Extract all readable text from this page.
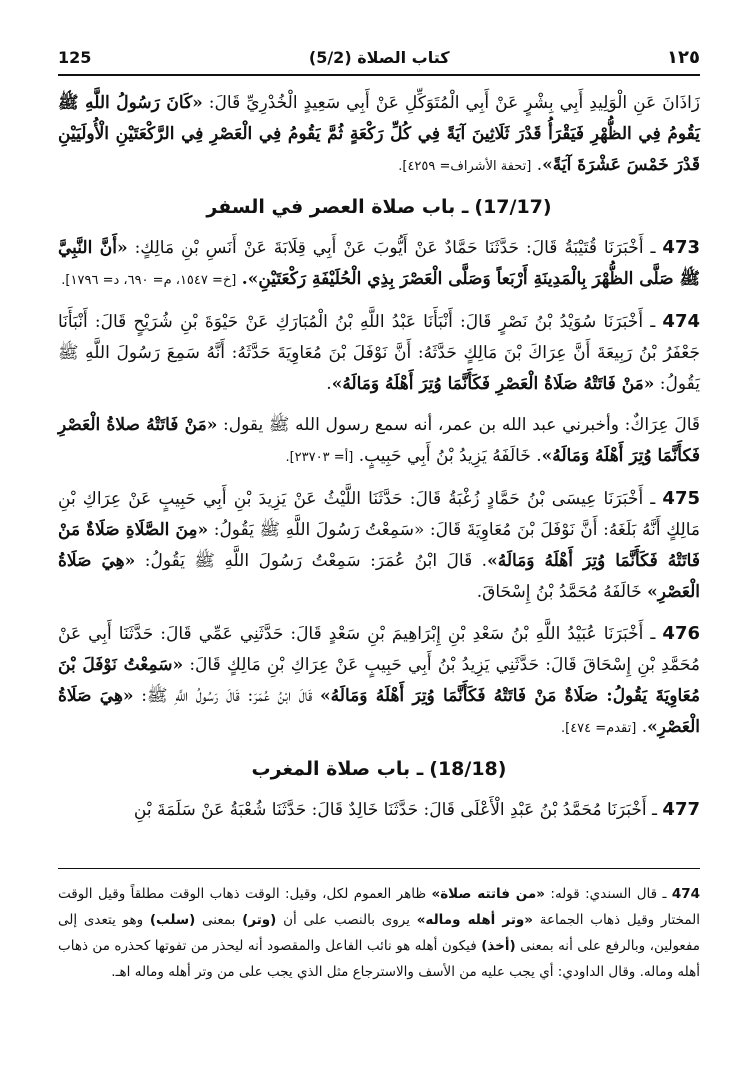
125	(5/2) كتاب الصلاة	١٢٥

زَاذَانَ عَنِ الْوَلِيدِ أَبِي بِشْرٍ عَنْ أَبِي الْمُتَوَكِّلِ عَنْ أَبِي سَعِيدٍ الْخُدْرِيِّ قَالَ: «كَانَ رَسُولُ اللَّهِ ﷺ يَقُومُ فِي الظُّهْرِ فَيَقْرَأُ قَدْرَ ثَلَاثِينَ آيَةً فِي كُلِّ رَكْعَةٍ ثُمَّ يَقُومُ فِي الْعَصْرِ فِي الرَّكْعَتَيْنِ الْأُولَيَيْنِ قَدْرَ خَمْسَ عَشْرَةَ آيَةً». [تحفة الأشراف= ٤٢٥٩].

(17/17)ـ باب صلاة العصر في السفر

473 ـ أَخْبَرَنَا قُتَيْبَةُ قَالَ: حَدَّثَنَا حَمَّادٌ عَنْ أَيُّوبَ عَنْ أَبِي قِلَابَةَ عَنْ أَنَسِ بْنِ مَالِكٍ: «أَنَّ النَّبِيَّ ﷺ صَلَّى الظُّهْرَ بِالْمَدِينَةِ أَرْبَعاً وَصَلَّى الْعَصْرَ بِذِي الْحُلَيْفَةِ رَكْعَتَيْنِ». [خ= ١٥٤٧، م= ٦٩٠، د= ١٧٩٦].

474 ـ أَخْبَرَنَا سُوَيْدُ بْنُ نَصْرٍ قَالَ: أَنْبَأَنَا عَبْدُ اللَّهِ بْنُ الْمُبَارَكِ عَنْ حَيْوَةَ بْنِ شُرَيْحٍ قَالَ: أَنْبَأَنَا جَعْفَرُ بْنُ رَبِيعَةَ أَنَّ عِرَاكَ بْنَ مَالِكٍ حَدَّثَهُ: أَنَّ نَوْفَلَ بْنَ مُعَاوِيَةَ حَدَّثَهُ: أَنَّهُ سَمِعَ رَسُولَ اللَّهِ ﷺ يَقُولُ: «مَنْ فَاتَتْهُ صَلَاةُ الْعَصْرِ فَكَأَنَّمَا وُتِرَ أَهْلَهُ وَمَالَهُ».

قَالَ عِرَاكٌ: وأخبرني عبد الله بن عمر، أنه سمع رسول الله ﷺ يقول: «مَنْ فَاتَتْهُ صلاةُ الْعَصْرِ فَكأَنَّمَا وُتِرَ أَهْلَهُ وَمَالَهُ». خَالَفَهُ يَزِيدُ بْنُ أَبِي حَبِيبٍ. [أ= ٢٣٧٠٣].

475 ـ أَخْبَرَنَا عِيسَى بْنُ حَمَّادٍ زُغْبَةُ قَالَ: حَدَّثَنَا اللَّيْثُ عَنْ يَزِيدَ بْنِ أَبِي حَبِيبٍ عَنْ عِرَاكِ بْنِ مَالِكٍ أَنَّهُ بَلَغَهُ: أَنَّ نَوْفَلَ بْنَ مُعَاوِيَةَ قَالَ: «سَمِعْتُ رَسُولَ اللَّهِ ﷺ يَقُولُ: «مِنَ الصَّلَاةِ صَلَاةٌ مَنْ فَاتَتْهُ فَكَأَنَّمَا وُتِرَ أَهْلَهُ وَمَالَهُ». قَالَ ابْنُ عُمَرَ: سَمِعْتُ رَسُولَ اللَّهِ ﷺ يَقُولُ: «هِيَ صَلَاةُ الْعَصْرِ» خَالَفَهُ مُحَمَّدُ بْنُ إِسْحَاقَ.

476 ـ أَخْبَرَنَا عُبَيْدُ اللَّهِ بْنُ سَعْدِ بْنِ إِبْرَاهِيمَ بْنِ سَعْدٍ قَالَ: حَدَّثَنِي عَمِّي قَالَ: حَدَّثَنَا أَبِي عَنْ مُحَمَّدِ بْنِ إِسْحَاقَ قَالَ: حَدَّثَنِي يَزِيدُ بْنُ أَبِي حَبِيبٍ عَنْ عِرَاكِ بْنِ مَالِكٍ قَالَ: «سَمِعْتُ نَوْفَلَ بْنَ مُعَاوِيَةَ يَقُولُ: صَلَاةٌ مَنْ فَاتَتْهُ فَكَأَنَّمَا وُتِرَ أَهْلَهُ وَمَالَهُ» قَالَ ابْنُ عُمَرَ: قَالَ رَسُولُ اللَّهِ ﷺ: «هِيَ صَلَاةُ الْعَصْرِ». [تقدم= ٤٧٤].

(18/18)ـ باب صلاة المغرب

477 ـ أَخْبَرَنَا مُحَمَّدُ بْنُ عَبْدِ الْأَعْلَى قَالَ: حَدَّثَنَا خَالِدٌ قَالَ: حَدَّثَنَا شُعْبَةُ عَنْ سَلَمَةَ بْنِ

474 ـ قال السندي: قوله: «من فاتته صلاة» ظاهر العموم لكل، وقيل: الوقت ذهاب الوقت مطلقاً وقيل الوقت المختار وقيل ذهاب الجماعة «وتر أهله وماله» يروى بالنصب على أن (وتر) بمعنى (سلب) وهو يتعدى إلى مفعولين، وبالرفع على أنه بمعنى (أخذ) فيكون أهله هو نائب الفاعل والمقصود أنه ليحذر من تفوتها كحذره من ذهاب أهله وماله. وقال الداودي: أي يجب عليه من الأسف والاسترجاع مثل الذي يجب على من وتر أهله وماله اهـ.
